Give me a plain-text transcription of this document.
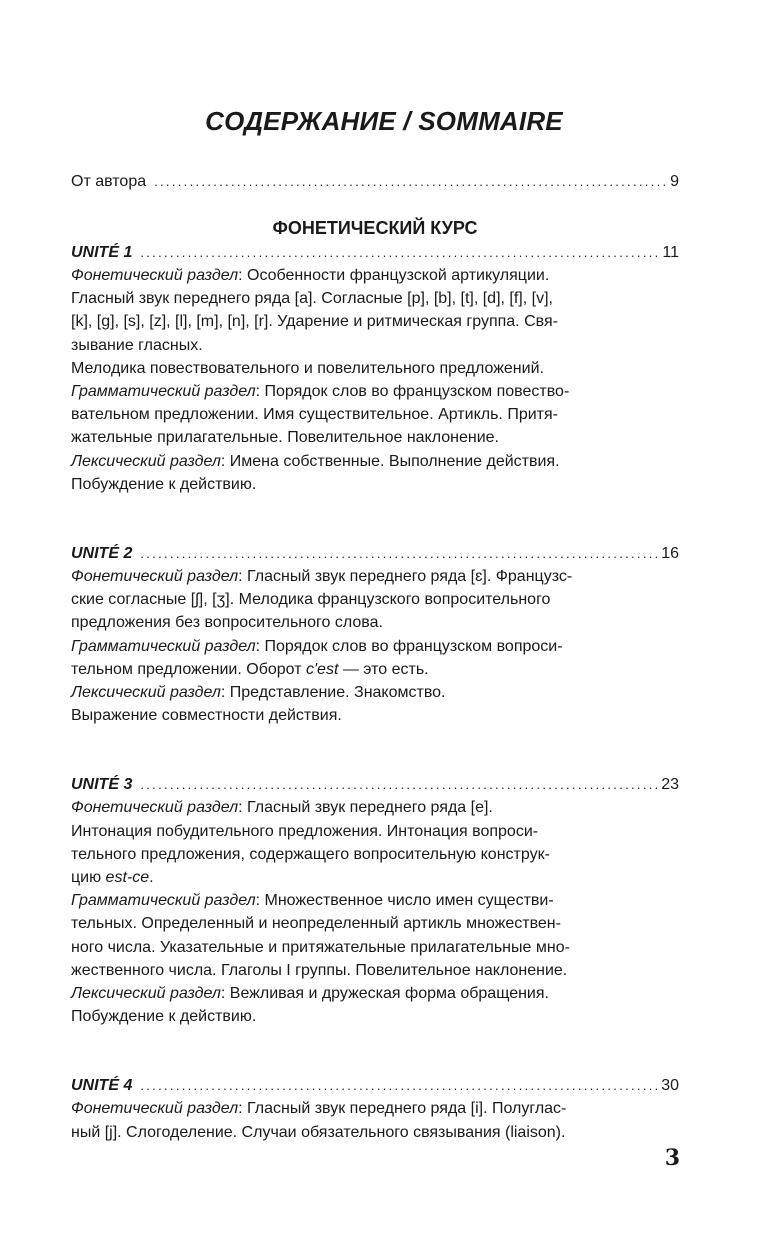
СОДЕРЖАНИЕ / SOMMAIRE
От автора .....	9
ФОНЕТИЧЕСКИЙ КУРС
UNITÉ 1 .....	11
Фонетический раздел: Особенности французской артикуляции.
Гласный звук переднего ряда [a]. Согласные [p], [b], [t], [d], [f], [v],
[k], [g], [s], [z], [l], [m], [n], [r]. Ударение и ритмическая группа. Свя-
зывание гласных.
Мелодика повествовательного и повелительного предложений.
Грамматический раздел: Порядок слов во французском повество-
вательном предложении. Имя существительное. Артикль. Притя-
жательные прилагательные. Повелительное наклонение.
Лексический раздел: Имена собственные. Выполнение действия.
Побуждение к действию.
UNITÉ 2 .....	16
Фонетический раздел: Гласный звук переднего ряда [ɛ]. Французс-
ские согласные [ʃ], [ʒ]. Мелодика французского вопросительного
предложения без вопросительного слова.
Грамматический раздел: Порядок слов во французском вопроси-
тельном предложении. Оборот c'est — это есть.
Лексический раздел: Представление. Знакомство.
Выражение совместности действия.
UNITÉ 3 .....	23
Фонетический раздел: Гласный звук переднего ряда [e].
Интонация побудительного предложения. Интонация вопроси-
тельного предложения, содержащего вопросительную конструк-
цию est-ce.
Грамматический раздел: Множественное число имен существи-
тельных. Определенный и неопределенный артикль множествен-
ного числа. Указательные и притяжательные прилагательные мно-
жественного числа. Глаголы I группы. Повелительное наклонение.
Лексический раздел: Вежливая и дружеская форма обращения.
Побуждение к действию.
UNITÉ 4 .....	30
Фонетический раздел: Гласный звук переднего ряда [i]. Полуглас-
ный [j]. Слогоделение. Случаи обязательного связывания (liaison).
3
